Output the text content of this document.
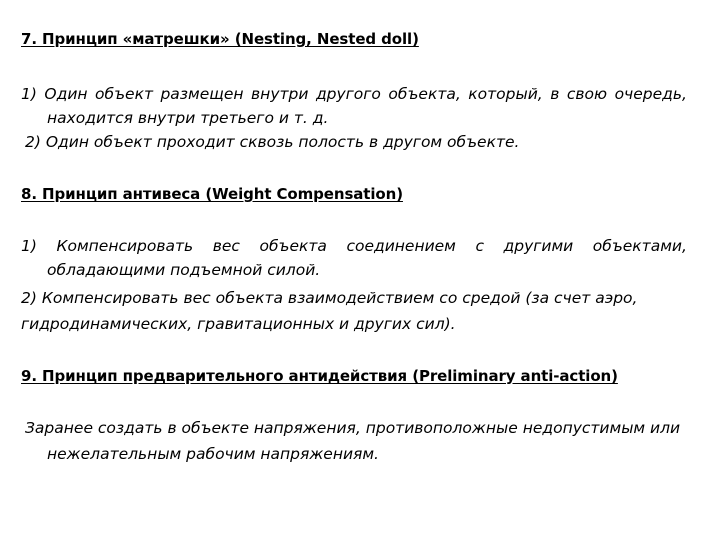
7. Принцип «матрешки» (Nesting, Nested doll)
1) Один объект размещен внутри другого объекта, который, в свою очередь,
находится внутри третьего и т. д.
2) Один объект проходит сквозь полость в другом объекте.
8. Принцип антивеса (Weight Compensation)
1) Компенсировать вес объекта соединением с другими объектами,
обладающими подъемной силой.
2) Компенсировать вес объекта взаимодействием со средой (за счет аэро,
гидродинамических, гравитационных и других сил).
9. Принцип предварительного антидействия (Preliminary anti-action)
Заранее создать в объекте напряжения, противоположные недопустимым или
нежелательным рабочим напряжениям.
